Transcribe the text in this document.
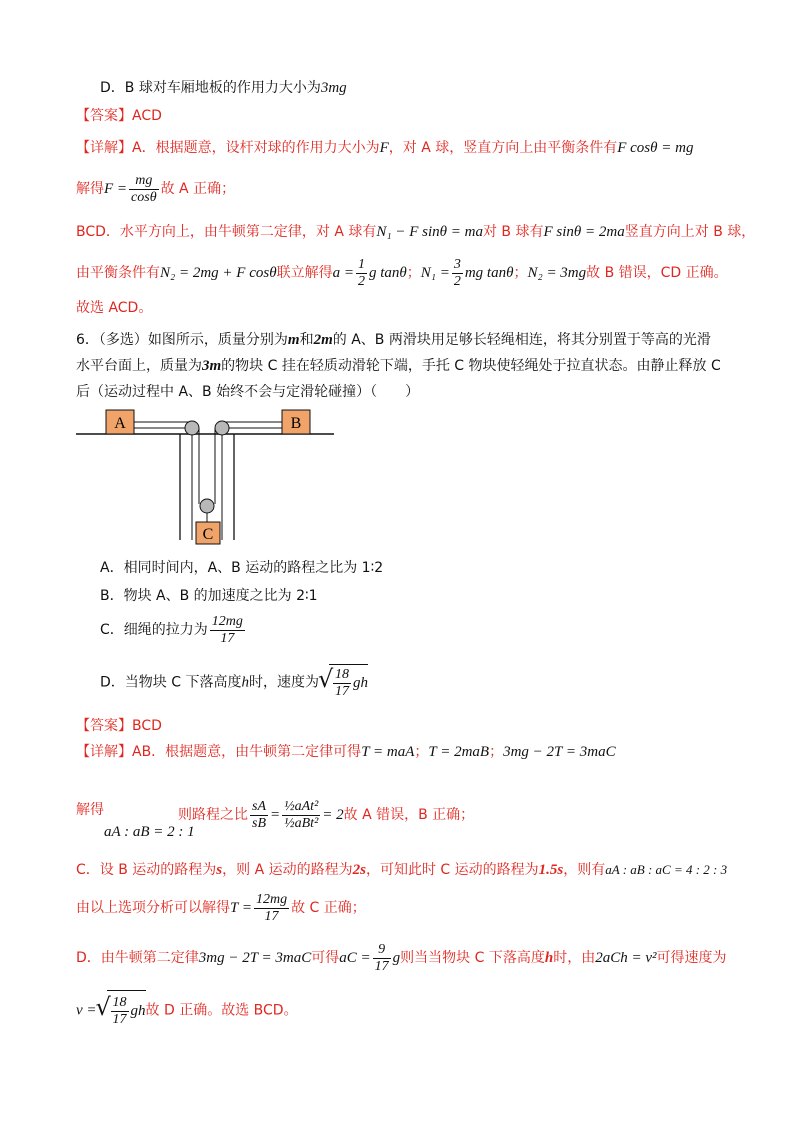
D．B 球对车厢地板的作用力大小为3mg
【答案】ACD
【详解】A．根据题意，设杆对球的作用力大小为F，对 A 球，竖直方向上由平衡条件有F cosθ = mg
解得$F = \frac{mg}{\cos\theta}$ 故 A 正确；
BCD．水平方向上，由牛顿第二定律，对 A 球有N₁ − F sinθ = ma对 B 球有F sinθ = 2ma竖直方向上对 B 球，
由平衡条件有N₂ = 2mg + F cosθ联立解得$a = \frac{1}{2}$ g tanθ；$N_1 = \frac{3}{2}$ mg tanθ；N₂ = 3mg故 B 错误，CD 正确。
故选 ACD。
6．（多选）如图所示，质量分别为m和2m的 A、B 两滑块用足够长轻绳相连，将其分别置于等高的光滑
水平台面上，质量为3m的物块 C 挂在轻质动滑轮下端，手托 C 物块使轻绳处于拉直状态。由静止释放 C
后（运动过程中 A、B 始终不会与定滑轮碰撞）（　　）
A	B
C
A．相同时间内，A、B 运动的路程之比为 1∶2
B．物块 A、B 的加速度之比为 2∶1
C．细绳的拉力为 $\frac{12mg}{17}$
D．当物块 C 下落高度h时，速度为 √ $\frac{18}{17}$ gh
【答案】BCD
【详解】AB．根据题意，由牛顿第二定律可得T = maA；T = 2maB；3mg − 2T = 3maC
解得
aA : aB = 2 : 1
则路程之比 $\frac{sA}{sB} = \frac{\text{½aAt²}}{\text{½aBt²}} = 2$故 A 错误，B 正确；
C．设 B 运动的路程为s，则 A 运动的路程为2s，可知此时 C 运动的路程为1.5s，则有aA : aB : aC = 4 : 2 : 3
由以上选项分析可以解得$T = \frac{12mg}{17}$ 故 C 正确；
D．由牛顿第二定律3mg − 2T = 3maC可得aC = $\frac{9}{17}$ g则当当物块 C 下落高度h时，由2aCh = v²可得速度为
v = √ $\frac{18}{17}$ gh故 D 正确。故选 BCD。
